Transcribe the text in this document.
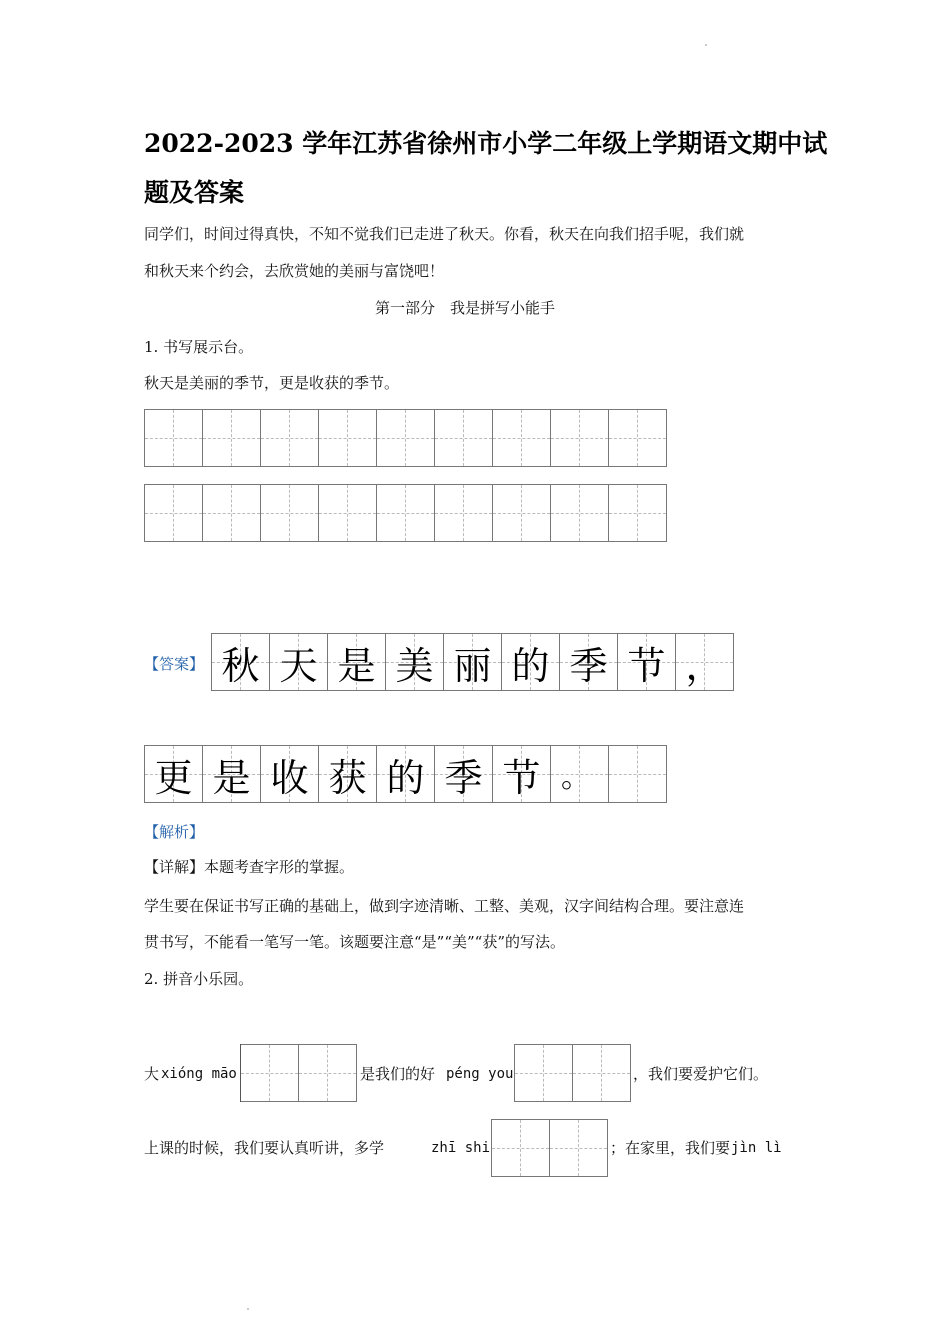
2022-2023 学年江苏省徐州市小学二年级上学期语文期中试
题及答案
同学们，时间过得真快，不知不觉我们已走进了秋天。你看，秋天在向我们招手呢，我们就
和秋天来个约会，去欣赏她的美丽与富饶吧！
第一部分　我是拼写小能手
1. 书写展示台。
秋天是美丽的季节，更是收获的季节。
【答案】 秋 天 是 美 丽 的 季 节 ，
更 是 收 获 的 季 节 。
【解析】
【详解】本题考查字形的掌握。
学生要在保证书写正确的基础上，做到字迹清晰、工整、美观，汉字间结构合理。要注意连
贯书写，不能看一笔写一笔。该题要注意“是”“美”“获”的写法。
2. 拼音小乐园。
大 xióng māo	是我们的好 péng you	，我们要爱护它们。
上课的时候，我们要认真听讲，多学	zhī shi	；在家里，我们要 jìn lì
